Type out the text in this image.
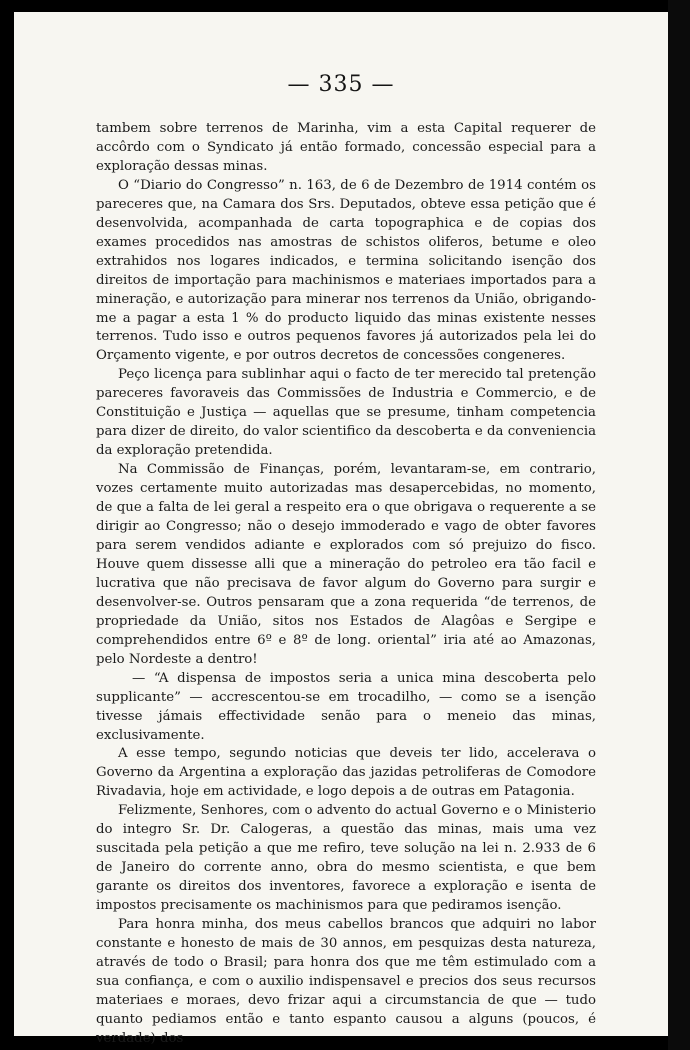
— 335 —

tambem sobre terrenos de Marinha, vim a esta Capital requerer de accôrdo com o Syndicato já então formado, concessão especial para a exploração dessas minas.

O “Diario do Congresso” n. 163, de 6 de Dezembro de 1914 contém os pareceres que, na Camara dos Srs. Deputados, obteve essa petição que é desenvolvida, acompanhada de carta topographica e de copias dos exames procedidos nas amostras de schistos oliferos, betume e oleo extrahidos nos logares indicados, e termina solicitando isenção dos direitos de importação para machinismos e materiaes importados para a mineração, e autorização para minerar nos terrenos da União, obrigando-me a pagar a esta 1 % do producto liquido das minas existente nesses terrenos. Tudo isso e outros pequenos favores já autorizados pela lei do Orçamento vigente, e por outros decretos de concessões congeneres.

Peço licença para sublinhar aqui o facto de ter merecido tal pretenção pareceres favoraveis das Commissões de Industria e Commercio, e de Constituição e Justiça — aquellas que se presume, tinham competencia para dizer de direito, do valor scientifico da descoberta e da conveniencia da exploração pretendida.

Na Commissão de Finanças, porém, levantaram-se, em contrario, vozes certamente muito autorizadas mas desapercebidas, no momento, de que a falta de lei geral a respeito era o que obrigava o requerente a se dirigir ao Congresso; não o desejo immoderado e vago de obter favores para serem vendidos adiante e explorados com só prejuizo do fisco. Houve quem dissesse alli que a mineração do petroleo era tão facil e lucrativa que não precisava de favor algum do Governo para surgir e desenvolver-se. Outros pensaram que a zona requerida “de terrenos, de propriedade da União, sitos nos Estados de Alagôas e Sergipe e comprehendidos entre 6º e 8º de long. oriental” iria até ao Amazonas, pelo Nordeste a dentro!

— “A dispensa de impostos seria a unica mina descoberta pelo supplicante” — accrescentou-se em trocadilho, — como se a isenção tivesse jámais effectividade senão para o meneio das minas, exclusivamente.

A esse tempo, segundo noticias que deveis ter lido, accelerava o Governo da Argentina a exploração das jazidas petroliferas de Comodore Rivadavia, hoje em actividade, e logo depois a de outras em Patagonia.

Felizmente, Senhores, com o advento do actual Governo e o Ministerio do integro Sr. Dr. Calogeras, a questão das minas, mais uma vez suscitada pela petição a que me refiro, teve solução na lei n. 2.933 de 6 de Janeiro do corrente anno, obra do mesmo scientista, e que bem garante os direitos dos inventores, favorece a exploração e isenta de impostos precisamente os machinismos para que pediramos isenção.

Para honra minha, dos meus cabellos brancos que adquiri no labor constante e honesto de mais de 30 annos, em pesquizas desta natureza, através de todo o Brasil; para honra dos que me têm estimulado com a sua confiança, e com o auxilio indispensavel e precios dos seus recursos materiaes e moraes, devo frizar aqui a circumstancia de que — tudo quanto pediamos então e tanto espanto causou a alguns (poucos, é verdade) dos
